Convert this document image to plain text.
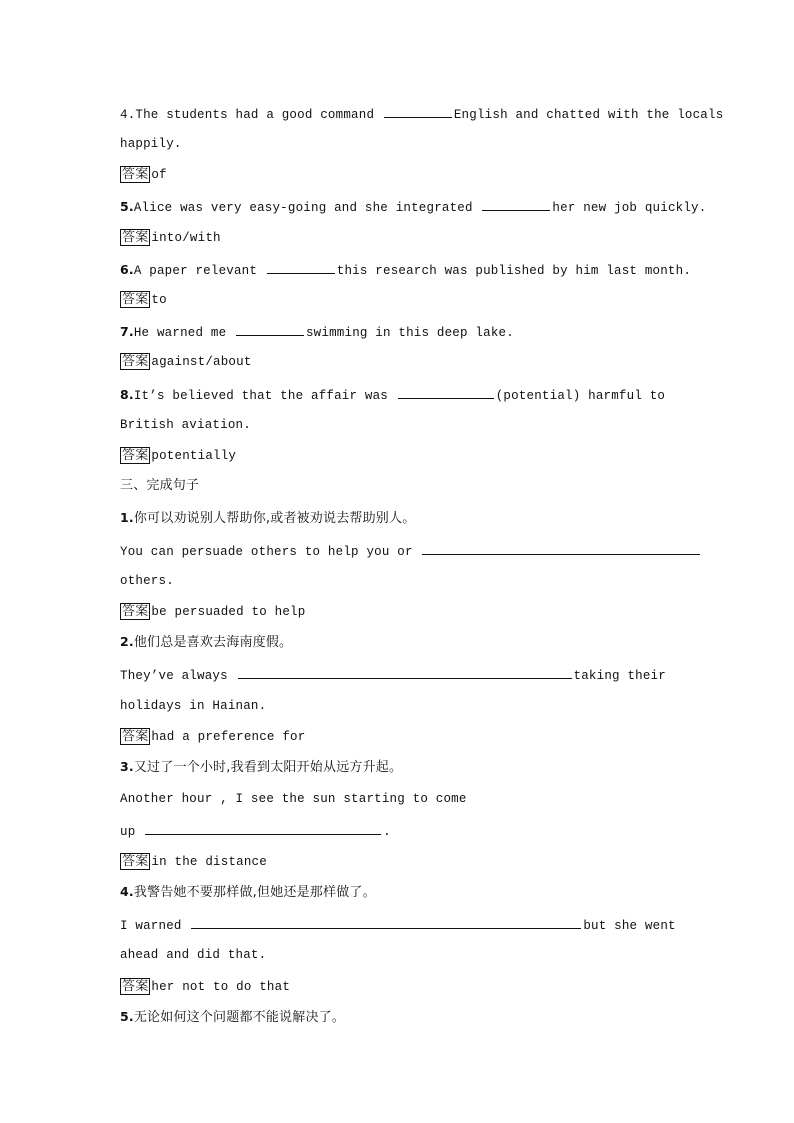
4.The students had a good command	English and chatted with the locals
happily.
答案 of
5.Alice was very easy-going and she integrated	her new job quickly.
答案 into/with
6.A paper relevant	this research was published by him last month.
答案 to
7.He warned me	swimming in this deep lake.
答案 against/about
8.It’s believed that the affair was	(potential) harmful to
British aviation.
答案 potentially
三、完成句子
1.你可以劝说别人帮助你,或者被劝说去帮助别人。
You can persuade others to help you or
others.
答案 be persuaded to help
2.他们总是喜欢去海南度假。
They’ve always	taking their
holidays in Hainan.
答案 had a preference for
3.又过了一个小时,我看到太阳开始从远方升起。
Another hour , I see the sun starting to come
up	.
答案 in the distance
4.我警告她不要那样做,但她还是那样做了。
I warned	but she went
ahead and did that.
答案 her not to do that
5.无论如何这个问题都不能说解决了。
